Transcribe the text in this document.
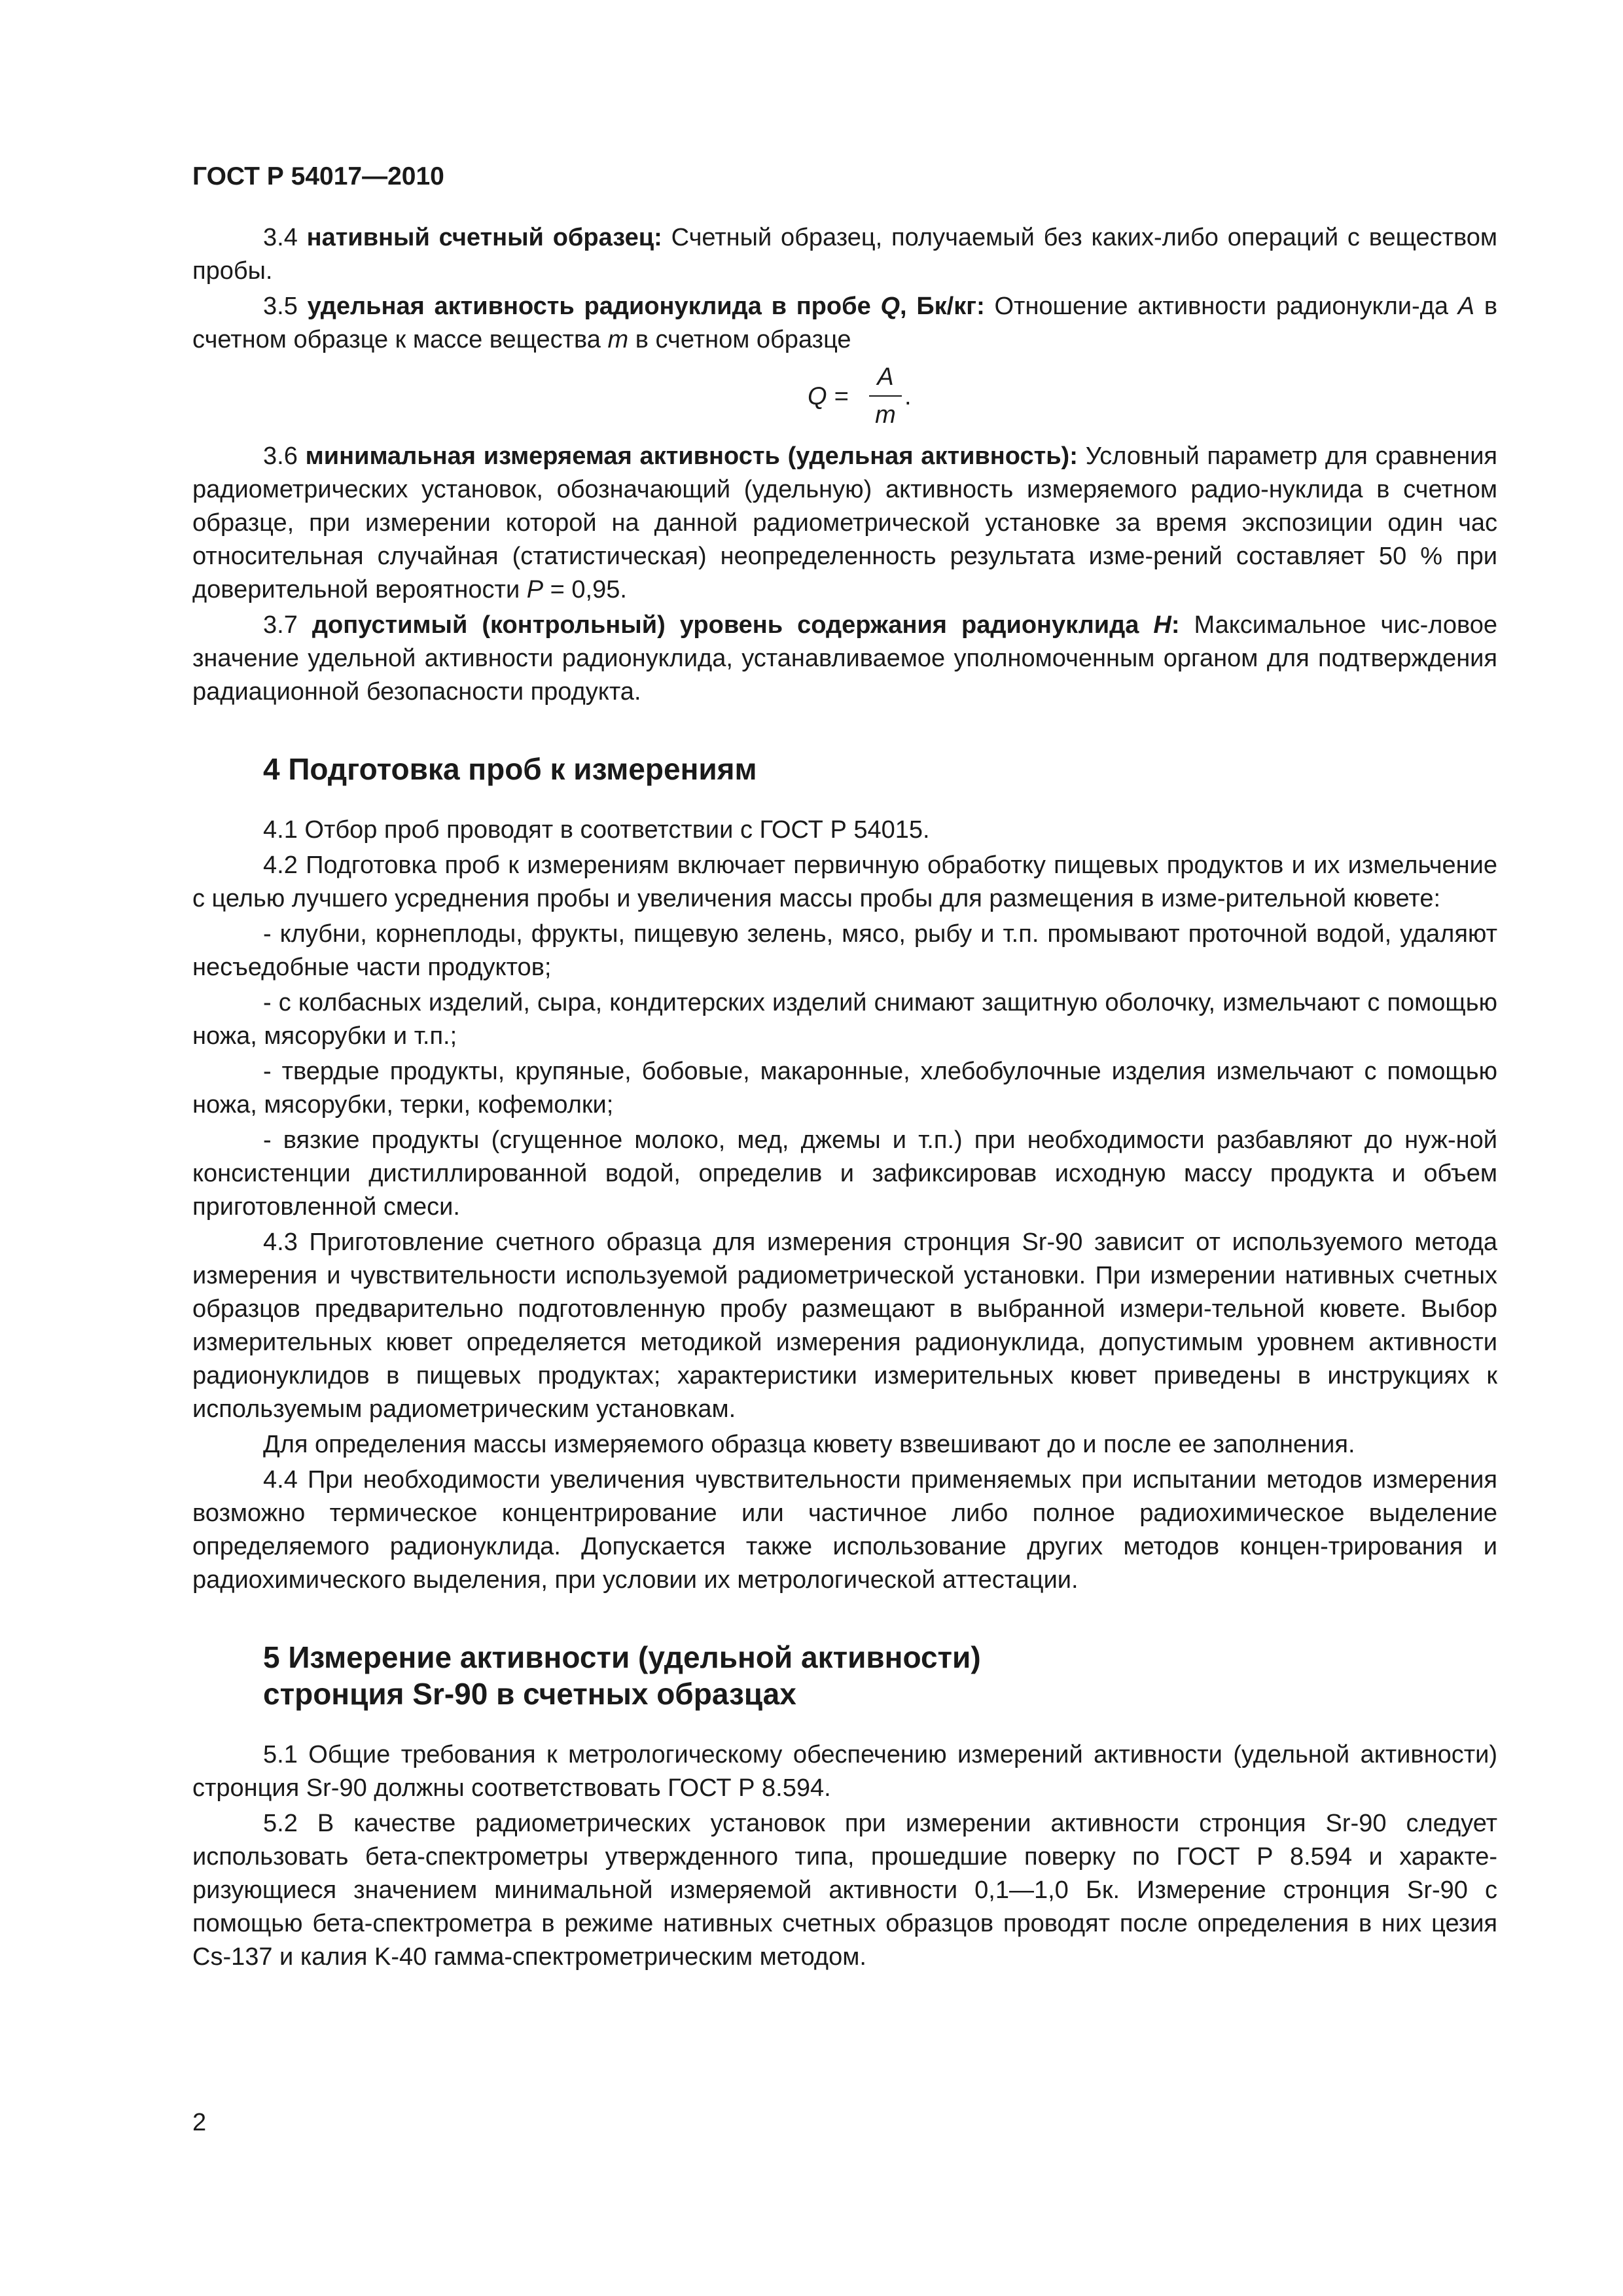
ГОСТ Р 54017—2010

3.4 нативный счетный образец: Счетный образец, получаемый без каких-либо операций с веществом пробы.

3.5 удельная активность радионуклида в пробе Q, Бк/кг: Отношение активности радионукли-да A в счетном образце к массе вещества m в счетном образце

Q =
A
m
.

3.6 минимальная измеряемая активность (удельная активность): Условный параметр для сравнения радиометрических установок, обозначающий (удельную) активность измеряемого радио-нуклида в счетном образце, при измерении которой на данной радиометрической установке за время экспозиции один час относительная случайная (статистическая) неопределенность результата изме-рений составляет 50 % при доверительной вероятности P = 0,95.

3.7 допустимый (контрольный) уровень содержания радионуклида H: Максимальное чис-ловое значение удельной активности радионуклида, устанавливаемое уполномоченным органом для подтверждения радиационной безопасности продукта.

4 Подготовка проб к измерениям

4.1 Отбор проб проводят в соответствии с ГОСТ Р 54015.

4.2 Подготовка проб к измерениям включает первичную обработку пищевых продуктов и их измельчение с целью лучшего усреднения пробы и увеличения массы пробы для размещения в изме-рительной кювете:

- клубни, корнеплоды, фрукты, пищевую зелень, мясо, рыбу и т.п. промывают проточной водой, удаляют несъедобные части продуктов;

- с колбасных изделий, сыра, кондитерских изделий снимают защитную оболочку, измельчают с помощью ножа, мясорубки и т.п.;

- твердые продукты, крупяные, бобовые, макаронные, хлебобулочные изделия измельчают с помощью ножа, мясорубки, терки, кофемолки;

- вязкие продукты (сгущенное молоко, мед, джемы и т.п.) при необходимости разбавляют до нуж-ной консистенции дистиллированной водой, определив и зафиксировав исходную массу продукта и объем приготовленной смеси.

4.3 Приготовление счетного образца для измерения стронция Sr-90 зависит от используемого метода измерения и чувствительности используемой радиометрической установки. При измерении нативных счетных образцов предварительно подготовленную пробу размещают в выбранной измери-тельной кювете. Выбор измерительных кювет определяется методикой измерения радионуклида, допустимым уровнем активности радионуклидов в пищевых продуктах; характеристики измерительных кювет приведены в инструкциях к используемым радиометрическим установкам.

Для определения массы измеряемого образца кювету взвешивают до и после ее заполнения.

4.4 При необходимости увеличения чувствительности применяемых при испытании методов измерения возможно термическое концентрирование или частичное либо полное радиохимическое выделение определяемого радионуклида. Допускается также использование других методов концен-трирования и радиохимического выделения, при условии их метрологической аттестации.

5 Измерение активности (удельной активности) стронция Sr-90 в счетных образцах

5.1 Общие требования к метрологическому обеспечению измерений активности (удельной активности) стронция Sr-90 должны соответствовать ГОСТ Р 8.594.

5.2 В качестве радиометрических установок при измерении активности стронция Sr-90 следует использовать бета-спектрометры утвержденного типа, прошедшие поверку по ГОСТ Р 8.594 и характе-ризующиеся значением минимальной измеряемой активности 0,1—1,0 Бк. Измерение стронция Sr-90 с помощью бета-спектрометра в режиме нативных счетных образцов проводят после определения в них цезия Cs-137 и калия K-40 гамма-спектрометрическим методом.

2
